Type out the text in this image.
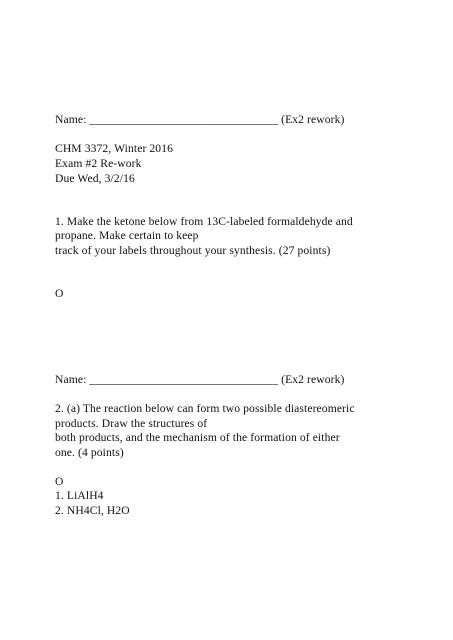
Name: ________________________________ (Ex2 rework)
CHM 3372, Winter 2016
Exam #2 Re-work
Due Wed, 3/2/16
1. Make the ketone below from 13C-labeled formaldehyde and
propane. Make certain to keep
track of your labels throughout your synthesis. (27 points)
O
Name: ________________________________ (Ex2 rework)
2. (a) The reaction below can form two possible diastereomeric
products. Draw the structures of
both products, and the mechanism of the formation of either
one. (4 points)
O
1. LiAlH4
2. NH4Cl, H2O
